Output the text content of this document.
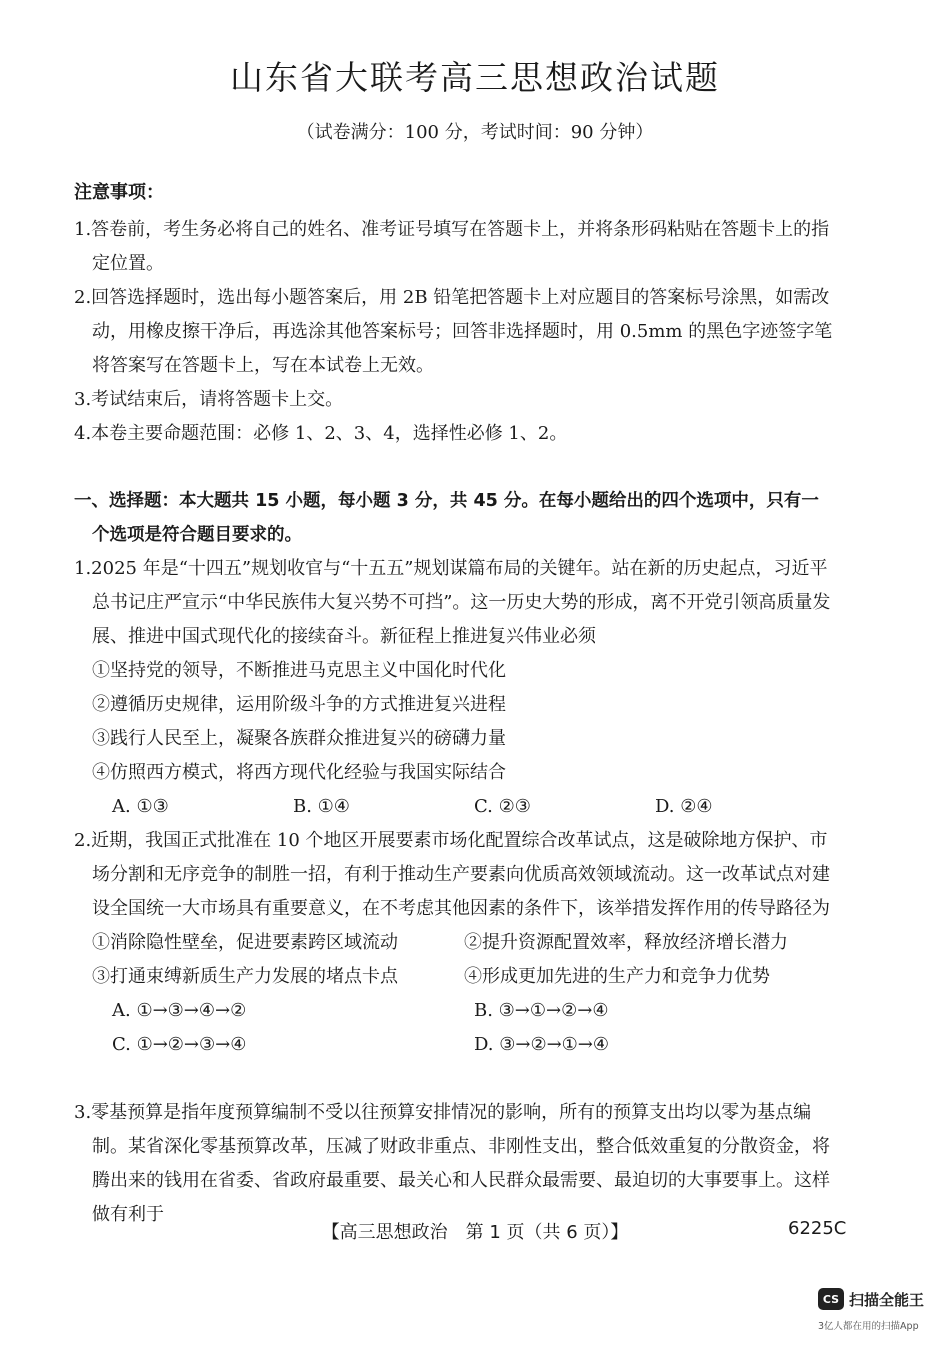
山东省大联考高三思想政治试题
（试卷满分：100 分，考试时间：90 分钟）
注意事项：
1.答卷前，考生务必将自己的姓名、准考证号填写在答题卡上，并将条形码粘贴在答题卡上的指定位置。
2.回答选择题时，选出每小题答案后，用 2B 铅笔把答题卡上对应题目的答案标号涂黑，如需改动，用橡皮擦干净后，再选涂其他答案标号；回答非选择题时，用 0.5mm 的黑色字迹签字笔将答案写在答题卡上，写在本试卷上无效。
3.考试结束后，请将答题卡上交。
4.本卷主要命题范围：必修 1、2、3、4，选择性必修 1、2。
一、选择题：本大题共 15 小题，每小题 3 分，共 45 分。在每小题给出的四个选项中，只有一个选项是符合题目要求的。
1.2025 年是“十四五”规划收官与“十五五”规划谋篇布局的关键年。站在新的历史起点，习近平总书记庄严宣示“中华民族伟大复兴势不可挡”。这一历史大势的形成，离不开党引领高质量发展、推进中国式现代化的接续奋斗。新征程上推进复兴伟业必须
①坚持党的领导，不断推进马克思主义中国化时代化
②遵循历史规律，运用阶级斗争的方式推进复兴进程
③践行人民至上，凝聚各族群众推进复兴的磅礴力量
④仿照西方模式，将西方现代化经验与我国实际结合
A. ①③	B. ①④	C. ②③	D. ②④
2.近期，我国正式批准在 10 个地区开展要素市场化配置综合改革试点，这是破除地方保护、市场分割和无序竞争的制胜一招，有利于推动生产要素向优质高效领域流动。这一改革试点对建设全国统一大市场具有重要意义，在不考虑其他因素的条件下，该举措发挥作用的传导路径为
①消除隐性壁垒，促进要素跨区域流动	②提升资源配置效率，释放经济增长潜力
③打通束缚新质生产力发展的堵点卡点	④形成更加先进的生产力和竞争力优势
A. ①→③→④→②	B. ③→①→②→④
C. ①→②→③→④	D. ③→②→①→④
3.零基预算是指年度预算编制不受以往预算安排情况的影响，所有的预算支出均以零为基点编制。某省深化零基预算改革，压减了财政非重点、非刚性支出，整合低效重复的分散资金，将腾出来的钱用在省委、省政府最重要、最关心和人民群众最需要、最迫切的大事要事上。这样做有利于
【高三思想政治　第 1 页（共 6 页）】	6225C
CS 扫描全能王
3亿人都在用的扫描App
